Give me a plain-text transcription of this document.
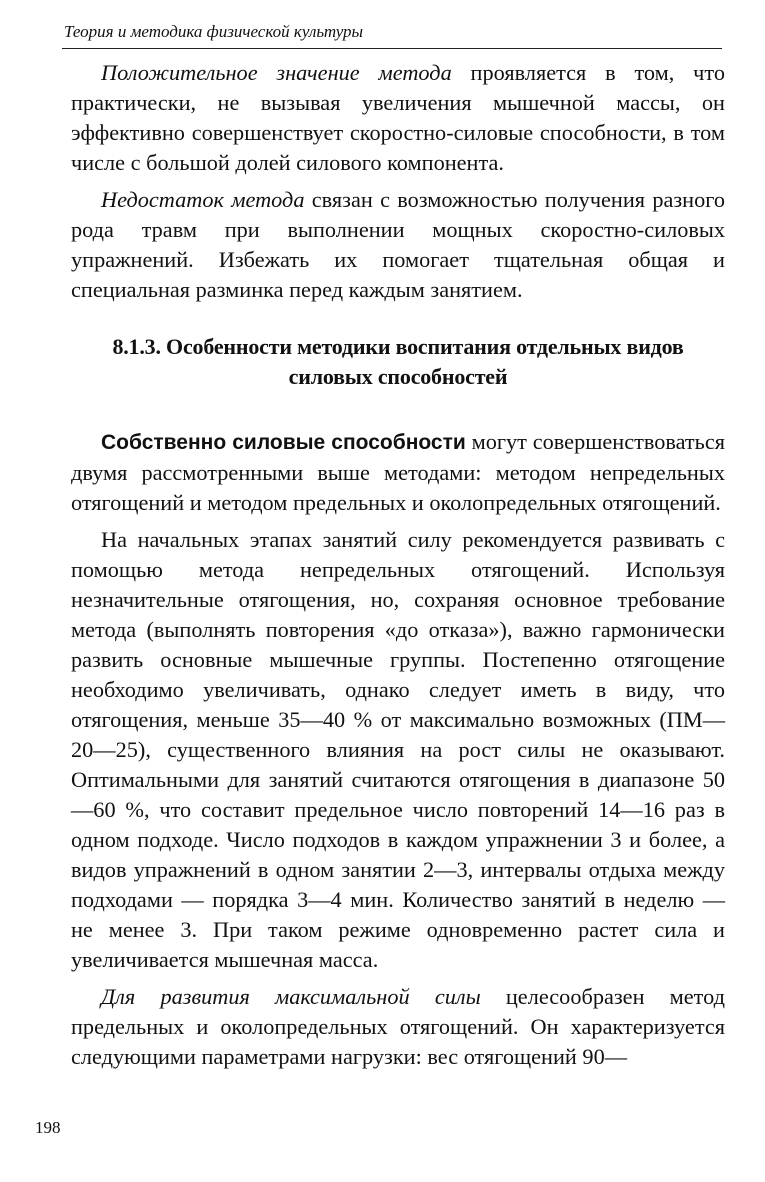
Теория и методика физической культуры

Положительное значение метода проявляется в том, что практически, не вызывая увеличения мышечной массы, он эффективно совершенствует скоростно-силовые способности, в том числе с большой долей силового компонента.

Недостаток метода связан с возможностью получения разного рода травм при выполнении мощных скоростно-силовых упражнений. Избежать их помогает тщательная общая и специальная разминка перед каждым занятием.

8.1.3. Особенности методики воспитания отдельных видов силовых способностей

Собственно силовые способности могут совершенствоваться двумя рассмотренными выше методами: методом непредельных отягощений и методом предельных и околопредельных отягощений.

На начальных этапах занятий силу рекомендуется развивать с помощью метода непредельных отягощений. Используя незначительные отягощения, но, сохраняя основное требование метода (выполнять повторения «до отказа»), важно гармонически развить основные мышечные группы. Постепенно отягощение необходимо увеличивать, однако следует иметь в виду, что отягощения, меньше 35—40 % от максимально возможных (ПМ—20—25), существенного влияния на рост силы не оказывают. Оптимальными для занятий считаются отягощения в диапазоне 50—60 %, что составит предельное число повторений 14—16 раз в одном подходе. Число подходов в каждом упражнении 3 и более, а видов упражнений в одном занятии 2—3, интервалы отдыха между подходами — порядка 3—4 мин. Количество занятий в неделю — не менее 3. При таком режиме одновременно растет сила и увеличивается мышечная масса.

Для развития максимальной силы целесообразен метод предельных и околопредельных отягощений. Он характеризуется следующими параметрами нагрузки: вес отягощений 90—

198
